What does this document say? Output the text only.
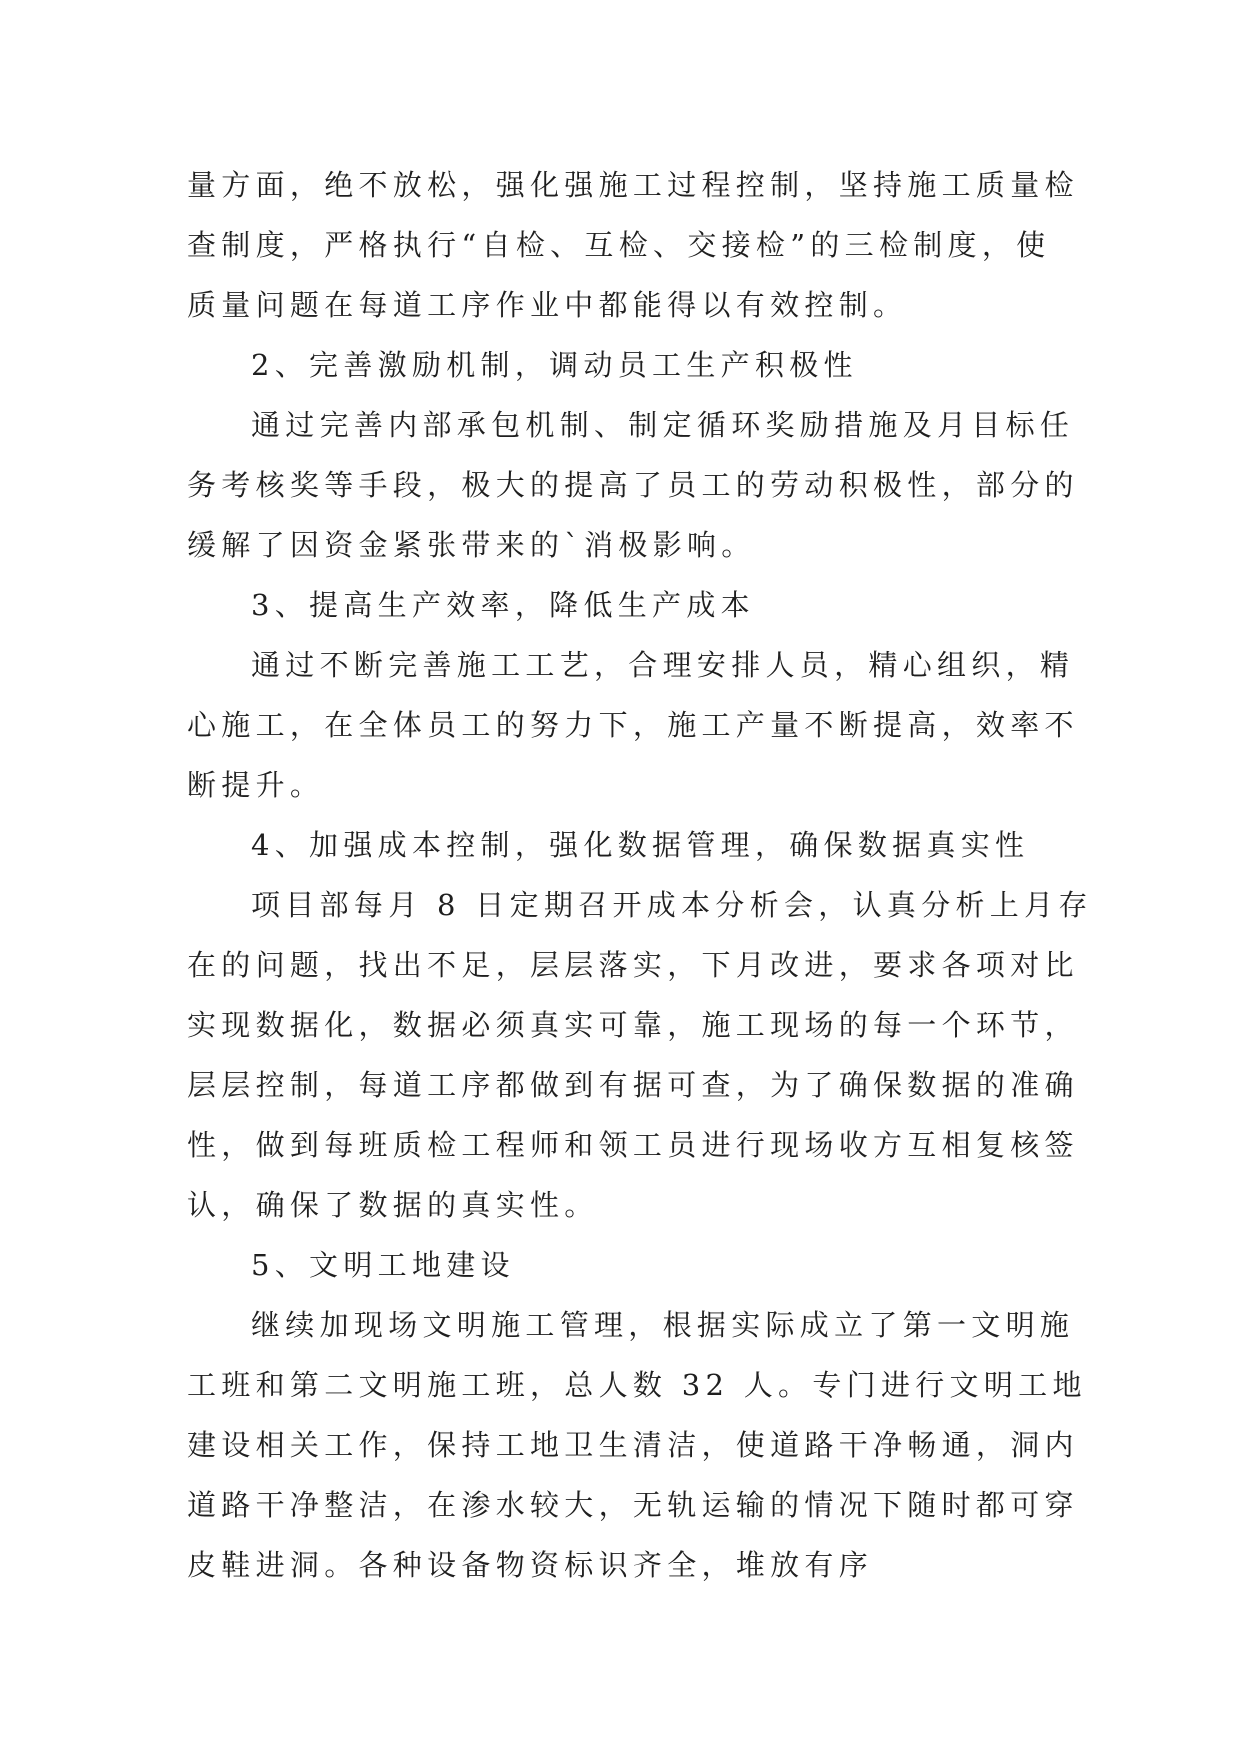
量方面，绝不放松，强化强施工过程控制，坚持施工质量检
查制度，严格执行“自检、互检、交接检”的三检制度，使
质量问题在每道工序作业中都能得以有效控制。
2、完善激励机制，调动员工生产积极性
通过完善内部承包机制、制定循环奖励措施及月目标任
务考核奖等手段，极大的提高了员工的劳动积极性，部分的
缓解了因资金紧张带来的`消极影响。
3、提高生产效率，降低生产成本
通过不断完善施工工艺，合理安排人员，精心组织，精
心施工，在全体员工的努力下，施工产量不断提高，效率不
断提升。
4、加强成本控制，强化数据管理，确保数据真实性
项目部每月 8 日定期召开成本分析会，认真分析上月存
在的问题，找出不足，层层落实，下月改进，要求各项对比
实现数据化，数据必须真实可靠，施工现场的每一个环节，
层层控制，每道工序都做到有据可查，为了确保数据的准确
性，做到每班质检工程师和领工员进行现场收方互相复核签
认，确保了数据的真实性。
5、文明工地建设
继续加现场文明施工管理，根据实际成立了第一文明施
工班和第二文明施工班，总人数 32 人。专门进行文明工地
建设相关工作，保持工地卫生清洁，使道路干净畅通，洞内
道路干净整洁，在渗水较大，无轨运输的情况下随时都可穿
皮鞋进洞。各种设备物资标识齐全，堆放有序
